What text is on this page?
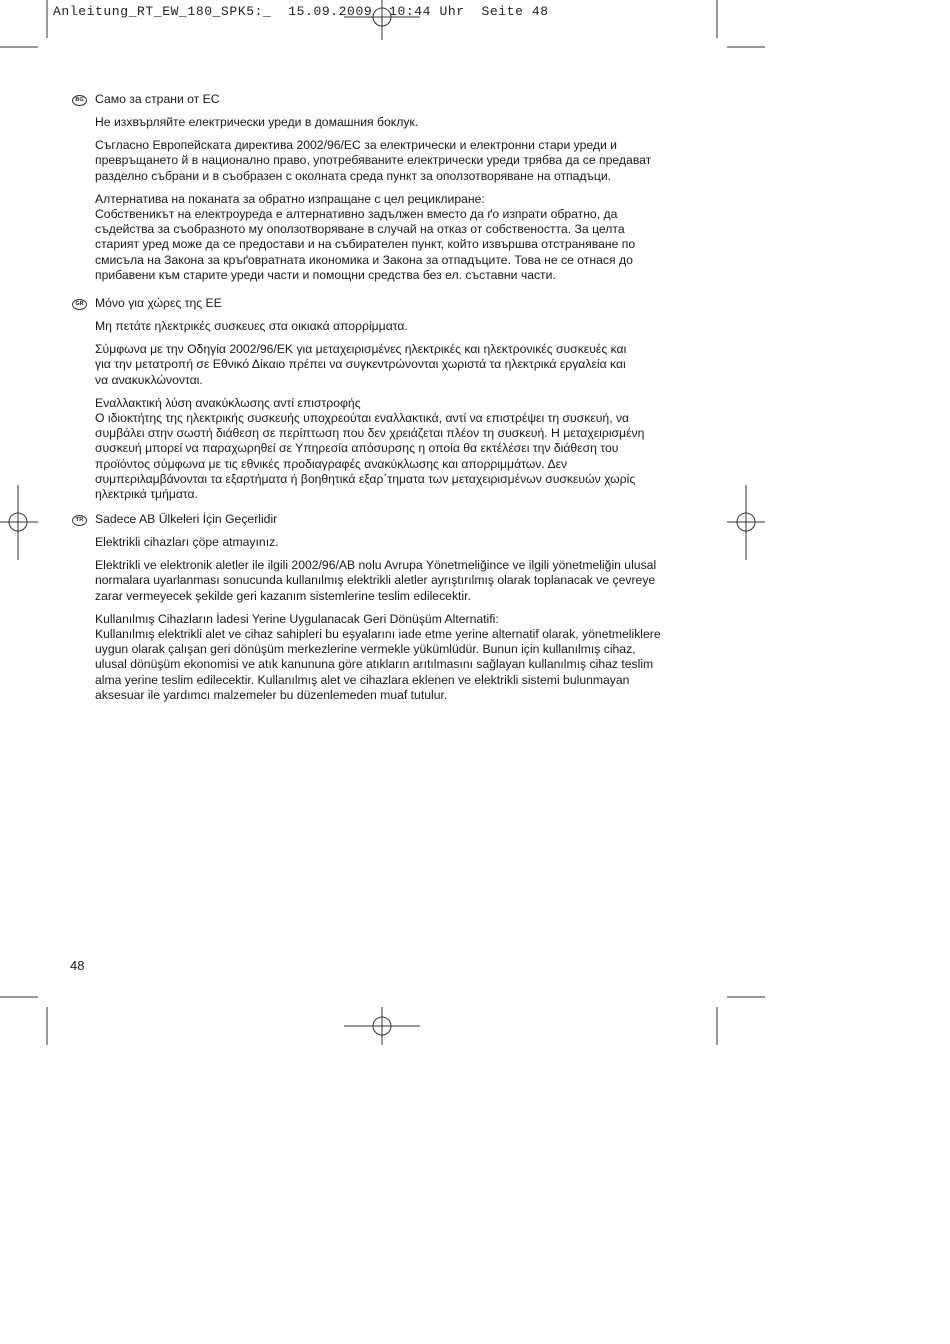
Anleitung_RT_EW_180_SPK5:_  15.09.2009  10:44 Uhr  Seite 48
BG Само за страни от ЕС

Не изхвърляйте електрически уреди в домашния боклук.

Съгласно Европейската директива 2002/96/ЕС за електрически и електронни стари уреди и

превръщането й в национално право, употребяваните електрически уреди трябва да се предават

разделно събрани и в съобразен с околната среда пункт за оползотворяване на отпадъци.

Алтернатива на поканата за обратно изпращане с цел рециклиране:

Собственикът на електроуреда е алтернативно задължен вместо да ґо изпрати обратно, да

съдейства за съобразното му оползотворяване в случай на отказ от собствеността. За целта

старият уред може да се предостави и на събирателен пункт, който извършва отстраняване по

смисъла на Закона за кръґовратната икономика и Закона за отпадъците. Това не се отнася до

прибавени към старите уреди части и помощни средства без ел. съставни части.

GR Μόνο για χώρες της ΕΕ

Μη πετάτε ηλεκτρικές συσκευες στα οικιακά απορρίμματα.

Σύμφωνα με την Οδηγία 2002/96/ΕΚ για μεταχειρισμένες ηλεκτρικές και ηλεκτρονικές συσκευές και

για την μετατροπή σε Εθνικό Δίκαιο πρέπει να συγκεντρώνονται χωριστά τα ηλεκτρικά εργαλεία και

να ανακυκλώνονται.

Εναλλακτική λύση ανακύκλωσης αντί επιστροφής

Ο ιδιοκτήτης της ηλεκτρικής συσκευής υποχρεούται εναλλακτικά, αντί να επιστρέψει τη συσκευή, να

συμβάλει στην σωστή διάθεση σε περίπτωση που δεν χρειάζεται πλέον τη συσκευή. Η μεταχειρισμένη

συσκευή μπορεί να παραχωρηθεί σε Υπηρεσία απόσυρσης η οποία θα εκτέλέσει την διάθεση του

προϊόντος σύμφωνα με τις εθνικές προδιαγραφές ανακύκλωσης και απορριμμάτων. Δεν

συμπεριλαμβάνονται τα εξαρτήματα ή βοηθητικά εξαρ΄τηματα των μεταχειρισμένων συσκευών χωρίς

ηλεκτρικά τμήματα.

TR Sadece AB Ülkeleri İçin Geçerlidir

Elektrikli cihazları çöpe atmayınız.

Elektrikli ve elektronik aletler ile ilgili 2002/96/AB nolu Avrupa Yönetmeliğince ve ilgili yönetmeliğin ulusal

normalara uyarlanması sonucunda kullanılmış elektrikli aletler ayrıştırılmış olarak toplanacak ve çevreye

zarar vermeyecek şekilde geri kazanım sistemlerine teslim edilecektir.

Kullanılmış Cihazların İadesi Yerine Uygulanacak Geri Dönüşüm Alternatifi:

Kullanılmış elektrikli alet ve cihaz sahipleri bu eşyalarını iade etme yerine alternatif olarak, yönetmeliklere

uygun olarak çalışan geri dönüşüm merkezlerine vermekle yükümlüdür. Bunun için kullanılmış cihaz,

ulusal dönüşüm ekonomisi ve atık kanununa göre atıkların arıtılmasını sağlayan kullanılmış cihaz teslim

alma yerine teslim edilecektir. Kullanılmış alet ve cihazlara eklenen ve elektrikli sistemi bulunmayan

aksesuar ile yardımcı malzemeler bu düzenlemeden muaf tutulur.

48
